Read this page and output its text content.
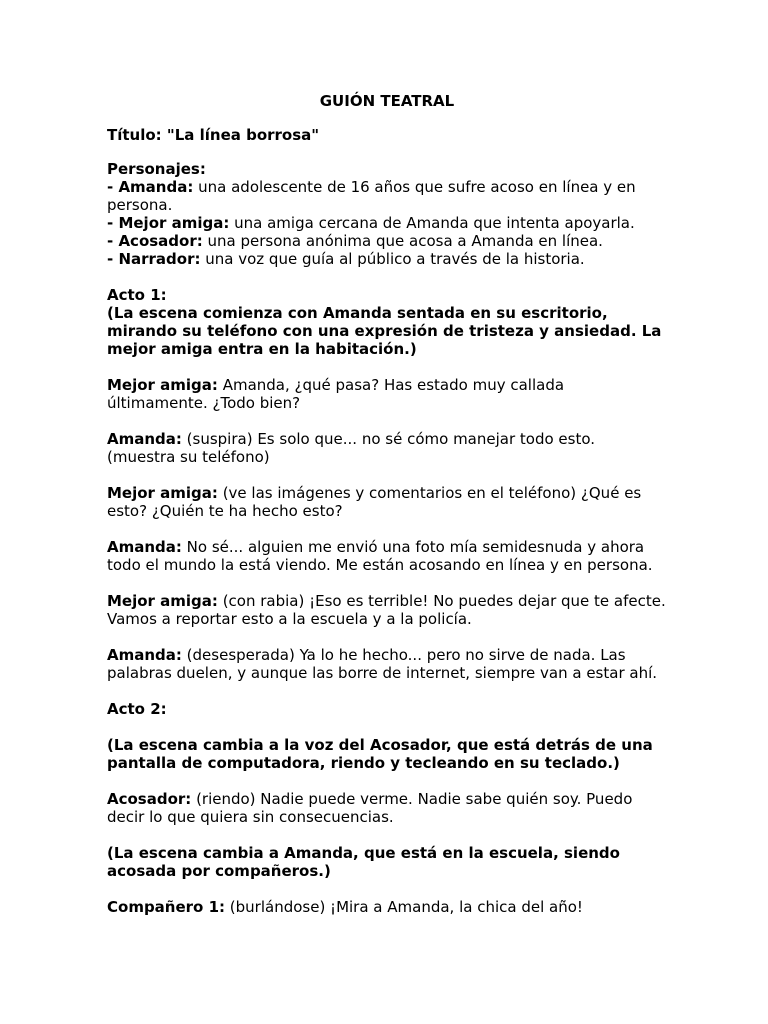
GUIÓN TEATRAL

Título: "La línea borrosa"

Personajes:

- Amanda: una adolescente de 16 años que sufre acoso en línea y en persona.

- Mejor amiga: una amiga cercana de Amanda que intenta apoyarla.

- Acosador: una persona anónima que acosa a Amanda en línea.

- Narrador: una voz que guía al público a través de la historia.

Acto 1:

(La escena comienza con Amanda sentada en su escritorio, mirando su teléfono con una expresión de tristeza y ansiedad. La mejor amiga entra en la habitación.)

Mejor amiga: Amanda, ¿qué pasa? Has estado muy callada últimamente. ¿Todo bien?

Amanda: (suspira) Es solo que... no sé cómo manejar todo esto. (muestra su teléfono)

Mejor amiga: (ve las imágenes y comentarios en el teléfono) ¿Qué es esto? ¿Quién te ha hecho esto?

Amanda: No sé... alguien me envió una foto mía semidesnuda y ahora todo el mundo la está viendo. Me están acosando en línea y en persona.

Mejor amiga: (con rabia) ¡Eso es terrible! No puedes dejar que te afecte. Vamos a reportar esto a la escuela y a la policía.

Amanda: (desesperada) Ya lo he hecho... pero no sirve de nada. Las palabras duelen, y aunque las borre de internet, siempre van a estar ahí.

Acto 2:

(La escena cambia a la voz del Acosador, que está detrás de una pantalla de computadora, riendo y tecleando en su teclado.)

Acosador: (riendo) Nadie puede verme. Nadie sabe quién soy. Puedo decir lo que quiera sin consecuencias.

(La escena cambia a Amanda, que está en la escuela, siendo acosada por compañeros.)

Compañero 1: (burlándose) ¡Mira a Amanda, la chica del año!
